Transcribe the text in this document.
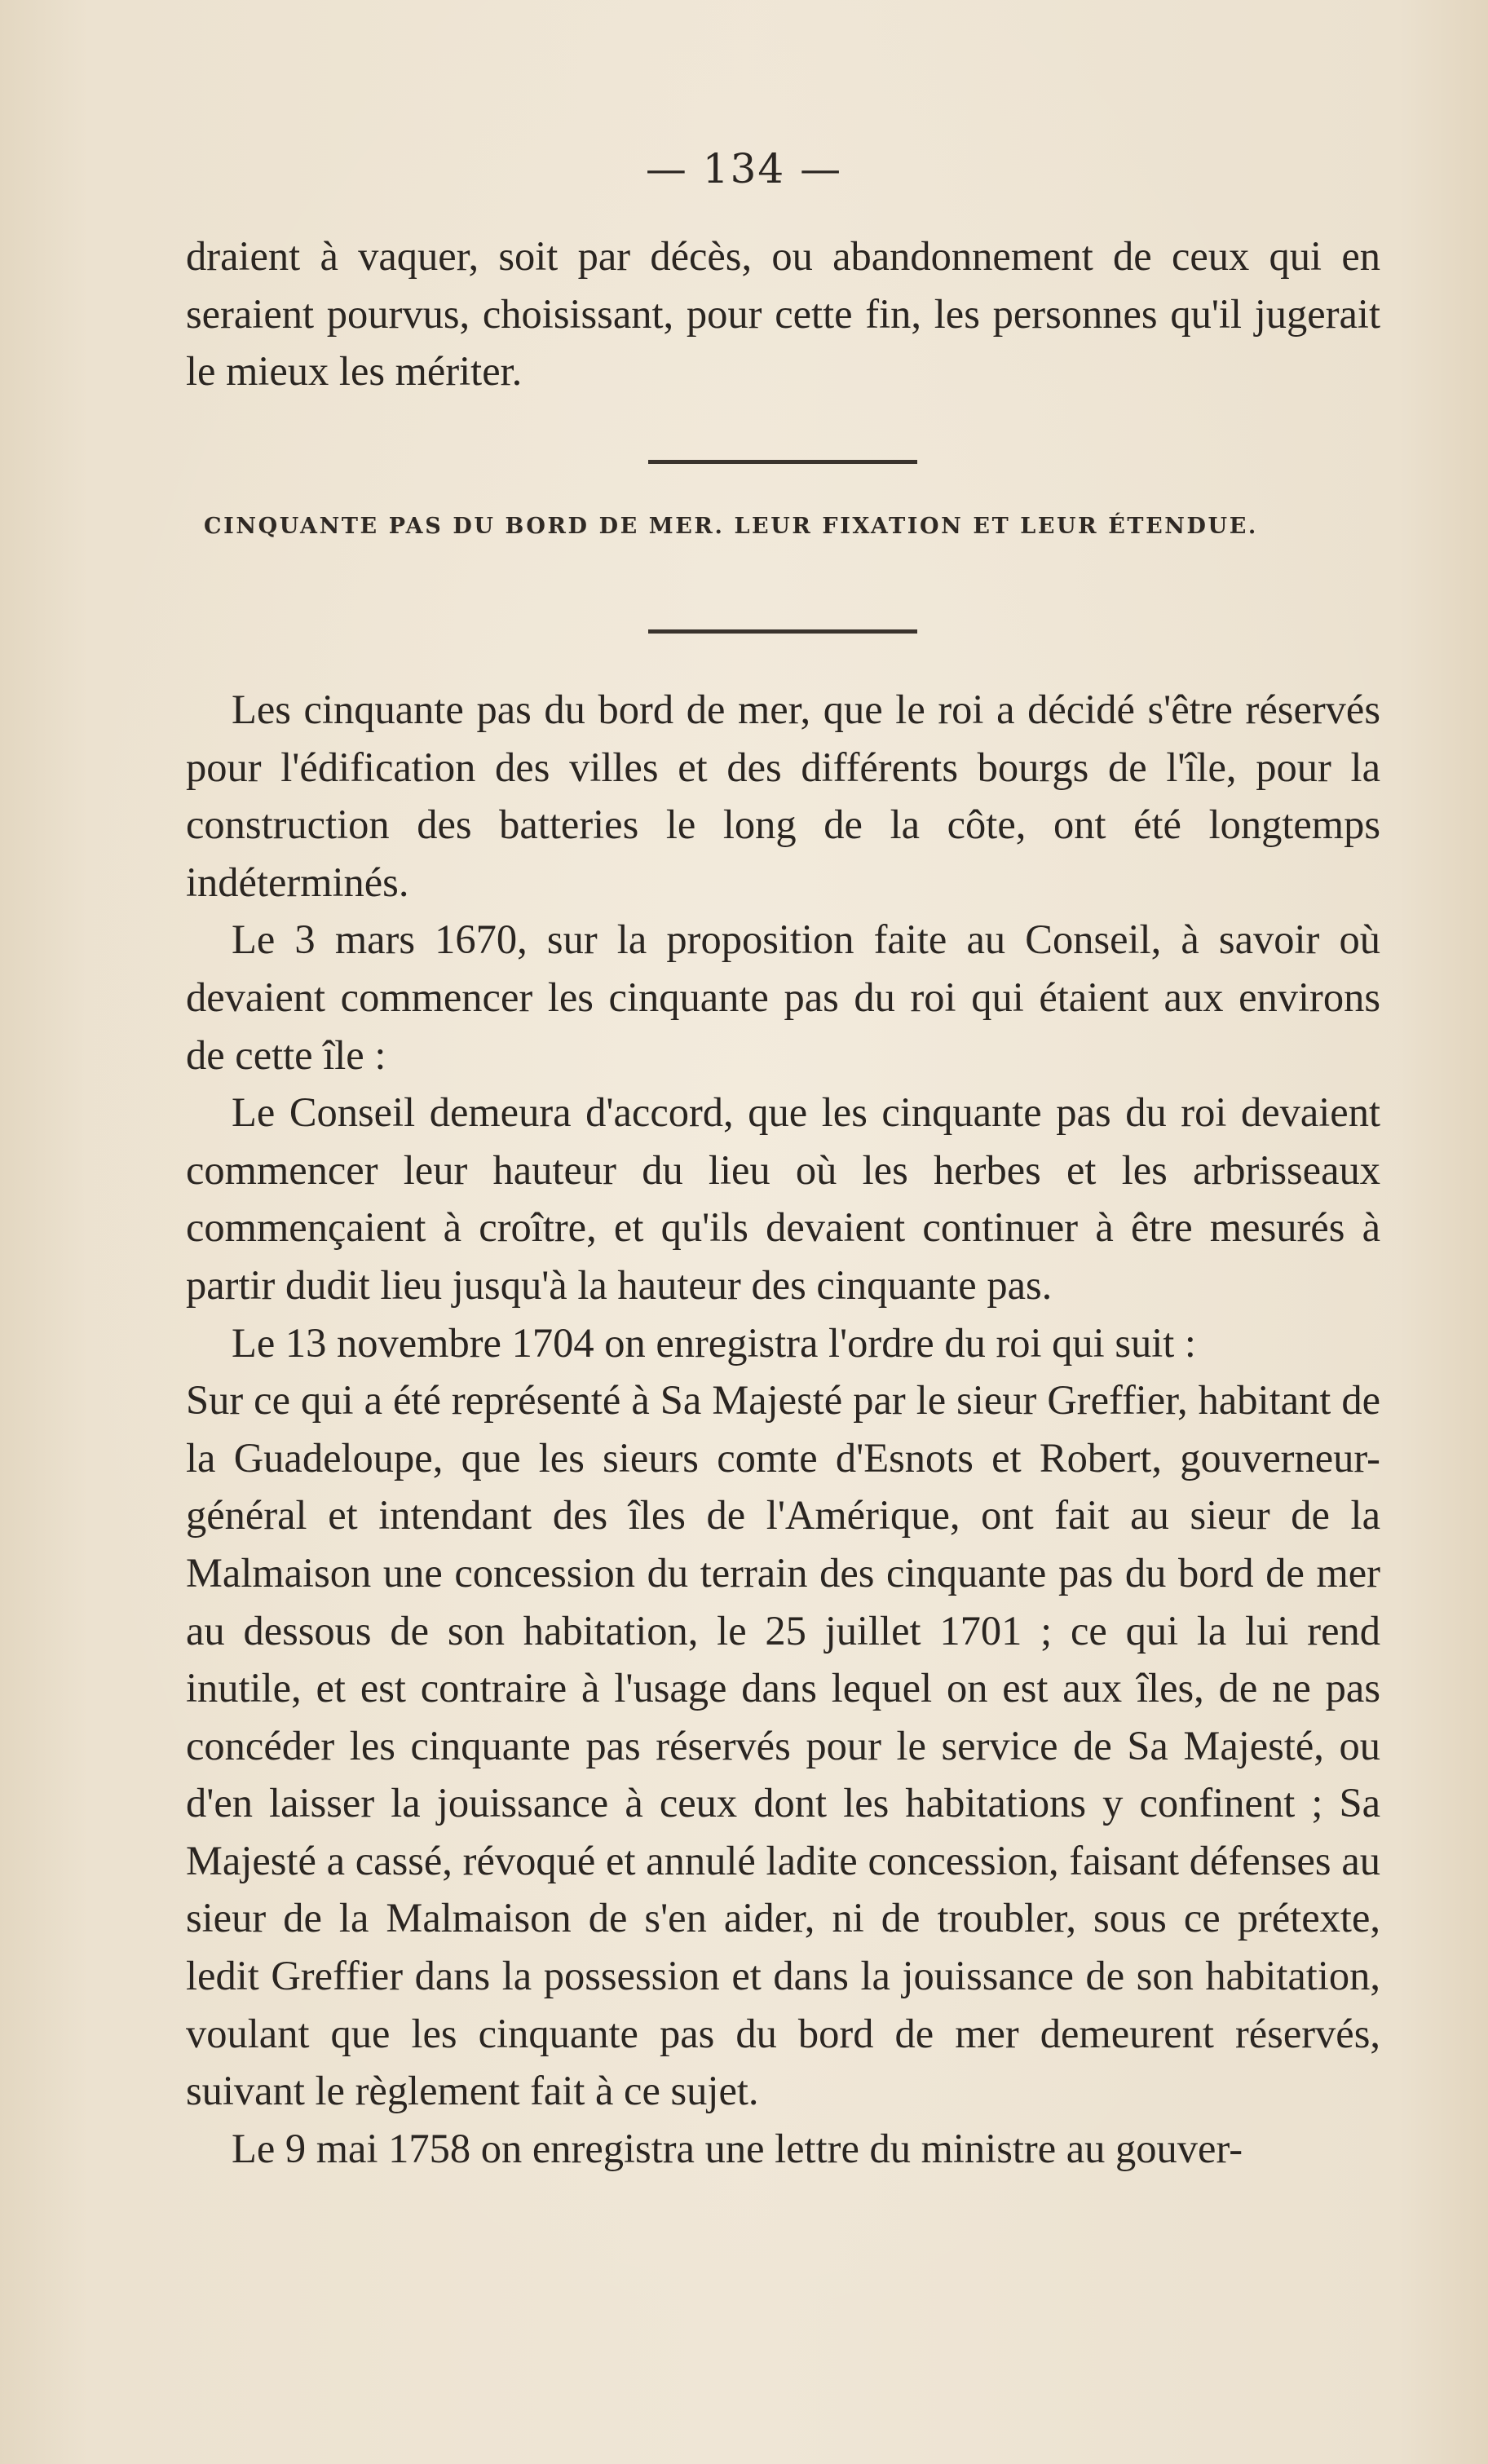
— 134 —

draient à vaquer, soit par décès, ou abandonnement de ceux qui en seraient pourvus, choisissant, pour cette fin, les personnes qu'il jugerait le mieux les mériter.

CINQUANTE PAS DU BORD DE MER. LEUR FIXATION ET LEUR ÉTENDUE.

Les cinquante pas du bord de mer, que le roi a décidé s'être réservés pour l'édification des villes et des différents bourgs de l'île, pour la construction des batteries le long de la côte, ont été longtemps indéterminés.

Le 3 mars 1670, sur la proposition faite au Conseil, à savoir où devaient commencer les cinquante pas du roi qui étaient aux environs de cette île :

Le Conseil demeura d'accord, que les cinquante pas du roi devaient commencer leur hauteur du lieu où les herbes et les arbrisseaux commençaient à croître, et qu'ils devaient continuer à être mesurés à partir dudit lieu jusqu'à la hauteur des cinquante pas.

Le 13 novembre 1704 on enregistra l'ordre du roi qui suit :

Sur ce qui a été représenté à Sa Majesté par le sieur Greffier, habitant de la Guadeloupe, que les sieurs comte d'Esnots et Robert, gouverneur-général et intendant des îles de l'Amérique, ont fait au sieur de la Malmaison une concession du terrain des cinquante pas du bord de mer au dessous de son habitation, le 25 juillet 1701 ; ce qui la lui rend inutile, et est contraire à l'usage dans lequel on est aux îles, de ne pas concéder les cinquante pas réservés pour le service de Sa Majesté, ou d'en laisser la jouissance à ceux dont les habitations y confinent ; Sa Majesté a cassé, révoqué et annulé ladite concession, faisant défenses au sieur de la Malmaison de s'en aider, ni de troubler, sous ce prétexte, ledit Greffier dans la possession et dans la jouissance de son habitation, voulant que les cinquante pas du bord de mer demeurent réservés, suivant le règlement fait à ce sujet.

Le 9 mai 1758 on enregistra une lettre du ministre au gouver-
